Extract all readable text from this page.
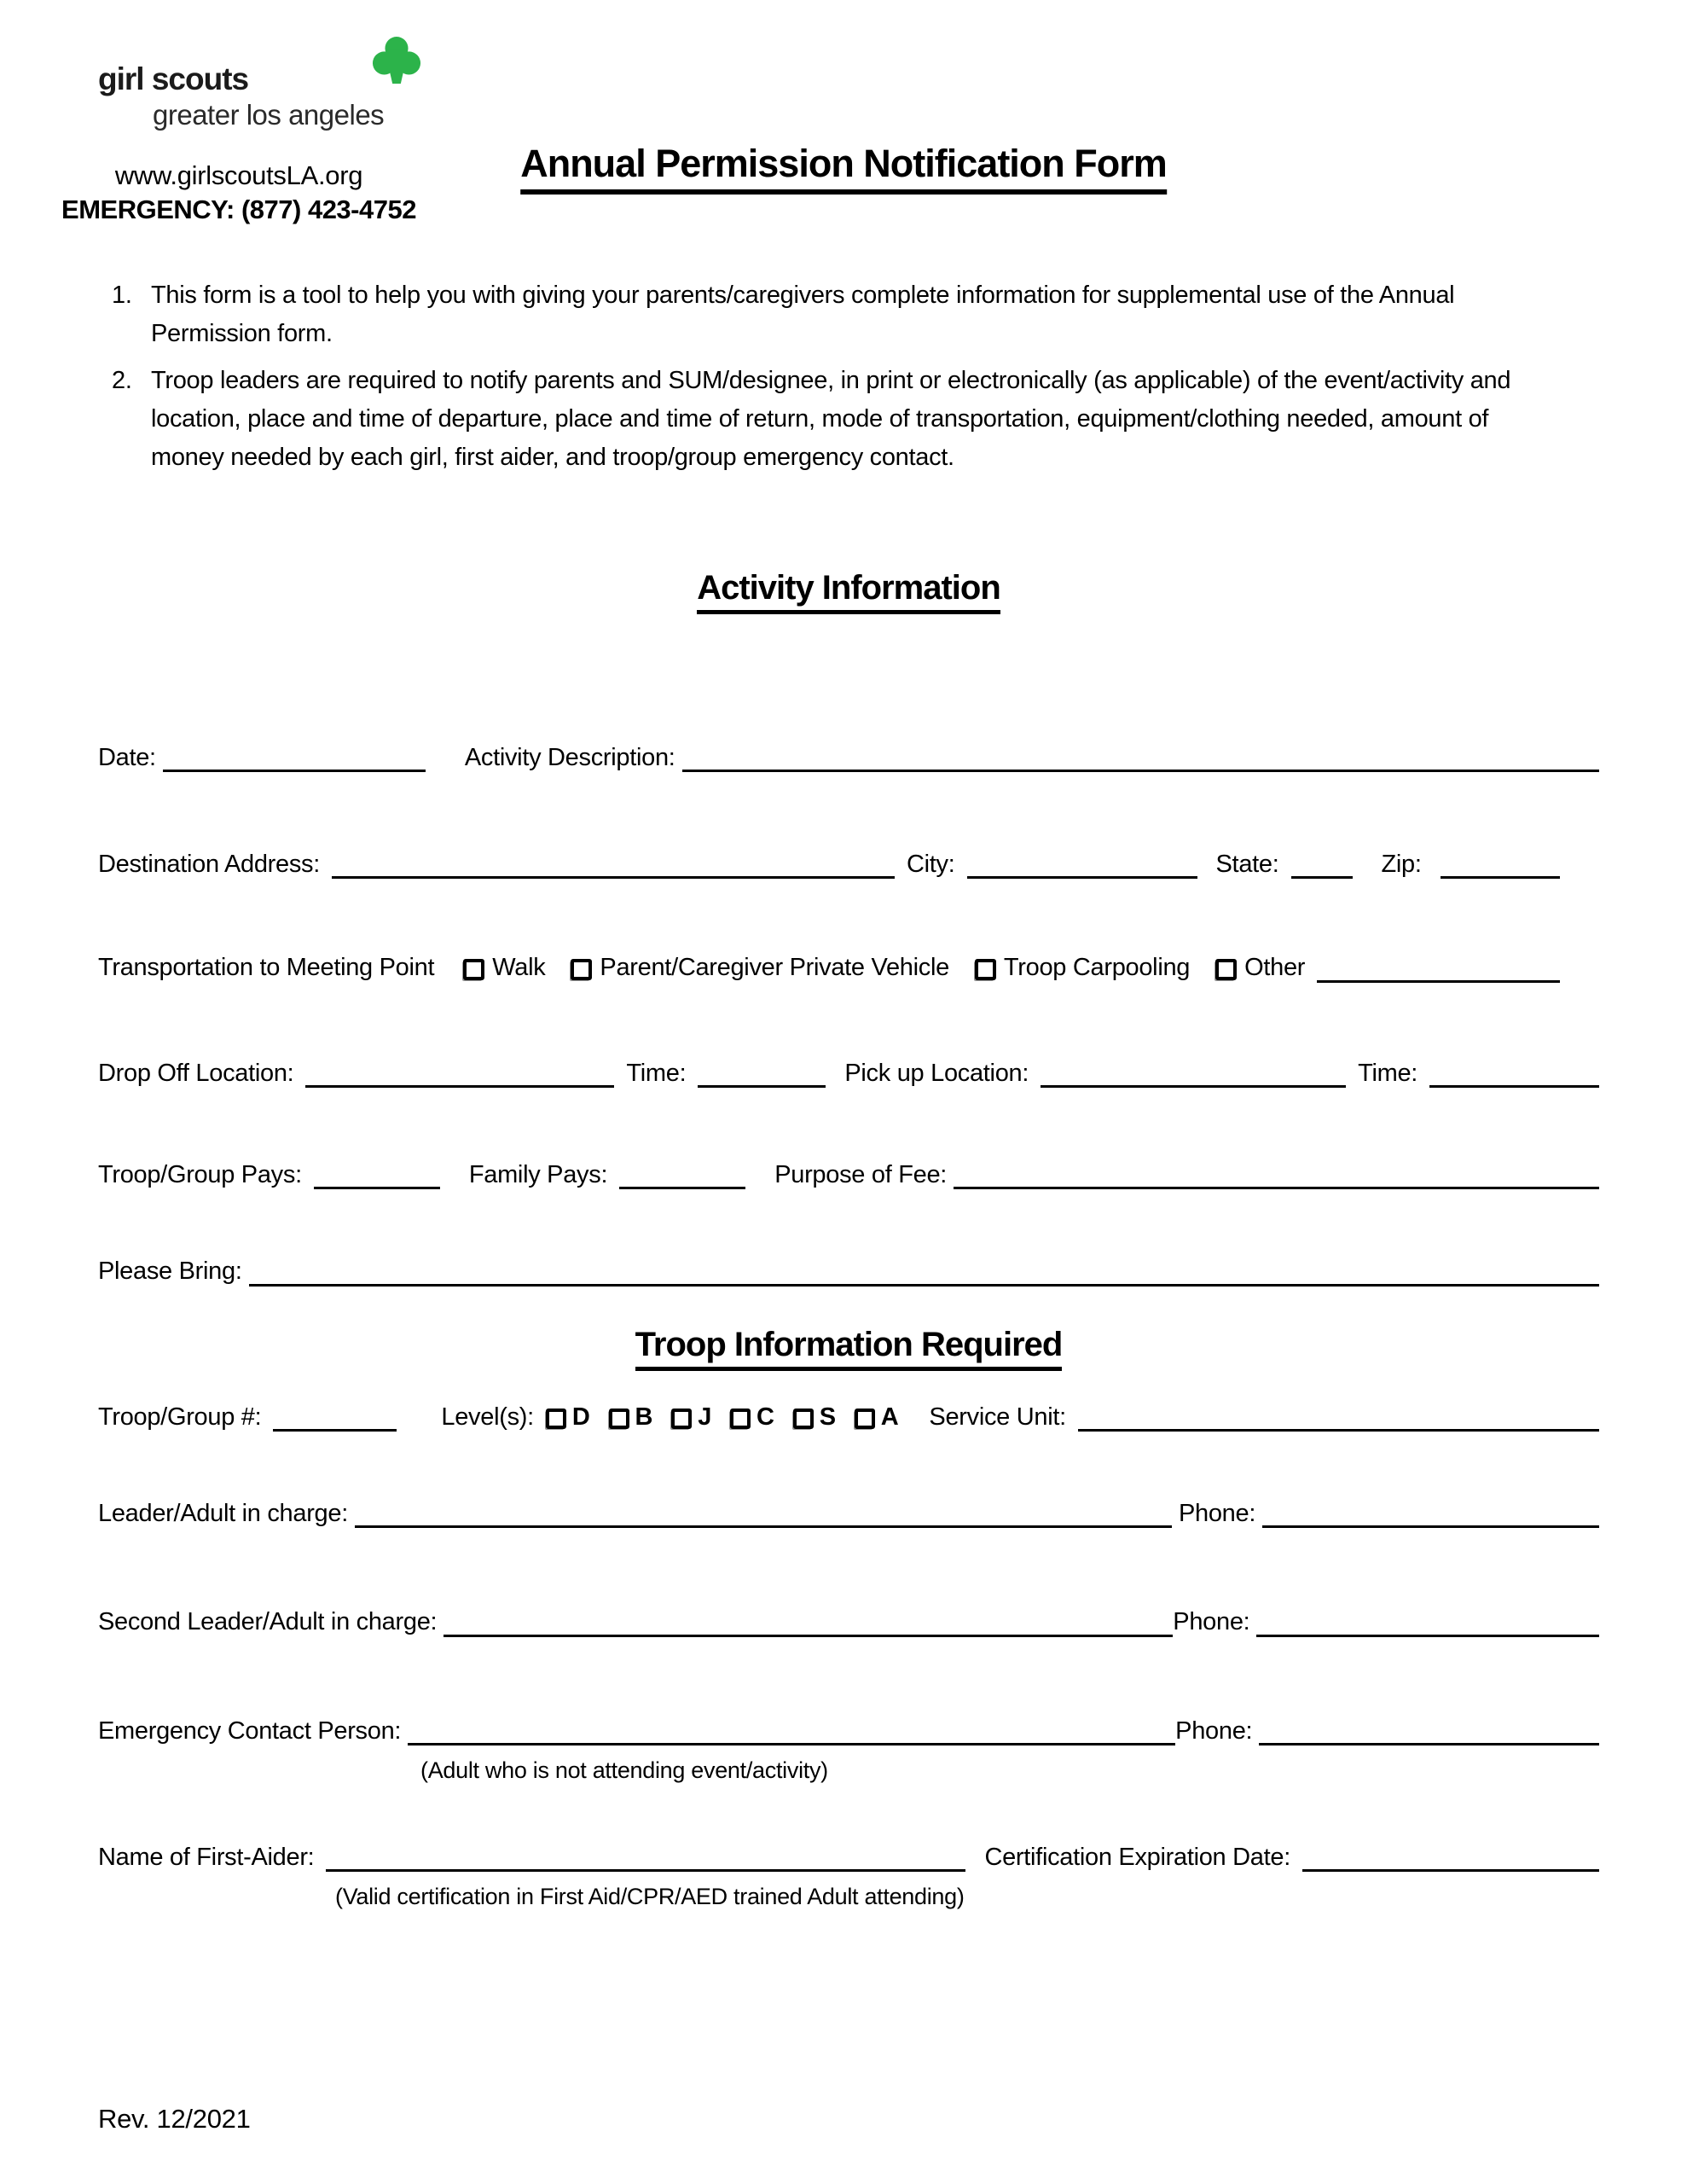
Annual Permission Notification Form
girl scouts
greater los angeles
www.girlscoutsLA.org
EMERGENCY: (877) 423-4752
1. This form is a tool to help you with giving your parents/caregivers complete information for supplemental use of the Annual Permission form.
2. Troop leaders are required to notify parents and SUM/designee, in print or electronically (as applicable) of the event/activity and location, place and time of departure, place and time of return, mode of transportation, equipment/clothing needed, amount of money needed by each girl, first aider, and troop/group emergency contact.
Activity Information
Date:	Activity Description:
Destination Address:	City:	State:	Zip:
Transportation to Meeting Point Walk Parent/Caregiver Private Vehicle Troop Carpooling Other
Drop Off Location:	Time:	Pick up Location:	Time:
Troop/Group Pays:	Family Pays:	Purpose of Fee:
Please Bring:
Troop Information Required
Troop/Group #:	Level(s): D B J C S A Service Unit:
Leader/Adult in charge:	Phone:
Second Leader/Adult in charge:	Phone:
Emergency Contact Person:	Phone:
(Adult who is not attending event/activity)
Name of First-Aider:	Certification Expiration Date:
(Valid certification in First Aid/CPR/AED trained Adult attending)
Rev. 12/2021
